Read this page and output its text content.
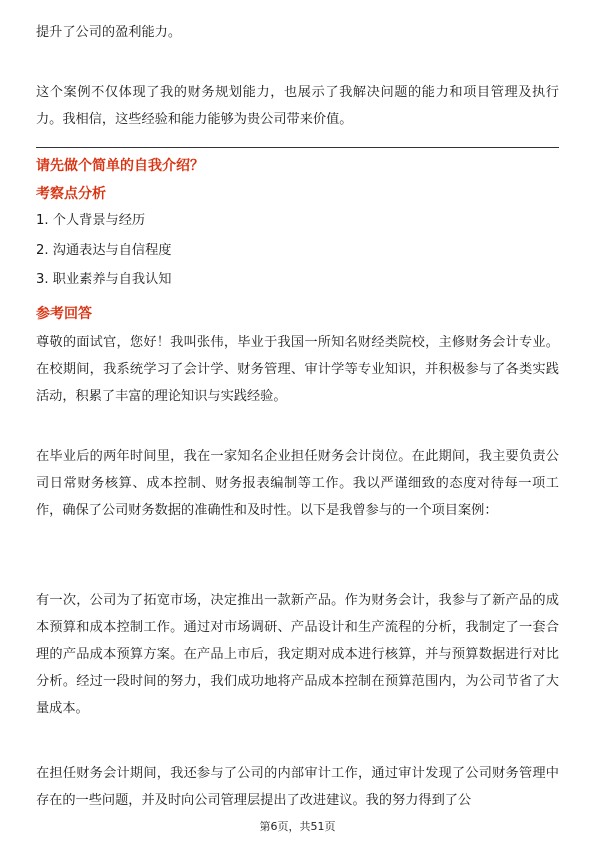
提升了公司的盈利能力。

这个案例不仅体现了我的财务规划能力，也展示了我解决问题的能力和项目管理及执行力。我相信，这些经验和能力能够为贵公司带来价值。

请先做个简单的自我介绍？

考察点分析

1. 个人背景与经历

2. 沟通表达与自信程度

3. 职业素养与自我认知

参考回答

尊敬的面试官，您好！我叫张伟，毕业于我国一所知名财经类院校，主修财务会计专业。在校期间，我系统学习了会计学、财务管理、审计学等专业知识，并积极参与了各类实践活动，积累了丰富的理论知识与实践经验。

在毕业后的两年时间里，我在一家知名企业担任财务会计岗位。在此期间，我主要负责公司日常财务核算、成本控制、财务报表编制等工作。我以严谨细致的态度对待每一项工作，确保了公司财务数据的准确性和及时性。以下是我曾参与的一个项目案例：

有一次，公司为了拓宽市场，决定推出一款新产品。作为财务会计，我参与了新产品的成本预算和成本控制工作。通过对市场调研、产品设计和生产流程的分析，我制定了一套合理的产品成本预算方案。在产品上市后，我定期对成本进行核算，并与预算数据进行对比分析。经过一段时间的努力，我们成功地将产品成本控制在预算范围内，为公司节省了大量成本。

在担任财务会计期间，我还参与了公司的内部审计工作，通过审计发现了公司财务管理中存在的一些问题，并及时向公司管理层提出了改进建议。我的努力得到了公

第6页，共51页
